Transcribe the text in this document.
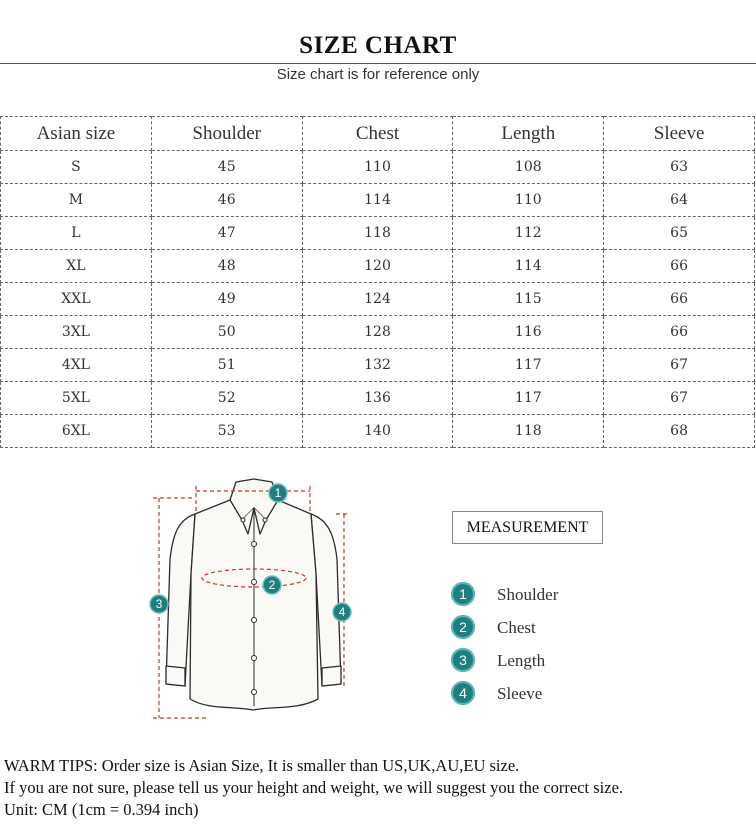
SIZE CHART
Size chart is for reference only
Asian size	Shoulder	Chest	Length	Sleeve
S	45	110	108	63
M	46	114	110	64
L	47	118	112	65
XL	48	120	114	66
XXL	49	124	115	66
3XL	50	128	116	66
4XL	51	132	117	67
5XL	52	136	117	67
6XL	53	140	118	68
1
2
3
4
MEASUREMENT
1	Shoulder
2	Chest
3	Length
4	Sleeve
WARM TIPS: Order size is Asian Size, It is smaller than US,UK,AU,EU size.
If you are not sure, please tell us your height and weight, we will suggest you the correct size.
Unit: CM (1cm = 0.394 inch)
